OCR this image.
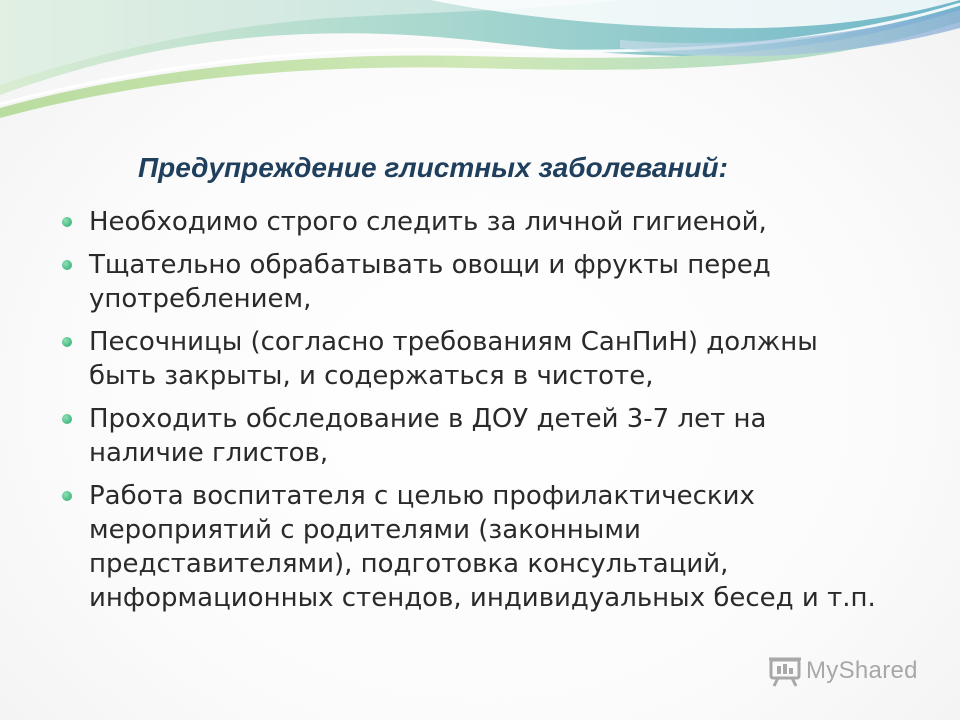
Предупреждение глистных заболеваний:
Необходимо строго следить за личной гигиеной,
Тщательно обрабатывать овощи и фрукты перед употреблением,
Песочницы (согласно требованиям СанПиН) должны быть закрыты, и содержаться в чистоте,
Проходить обследование в ДОУ детей 3-7 лет на наличие глистов,
Работа воспитателя с целью профилактических мероприятий с родителями (законными представителями), подготовка консультаций, информационных стендов, индивидуальных бесед и т.п.
MyShared
